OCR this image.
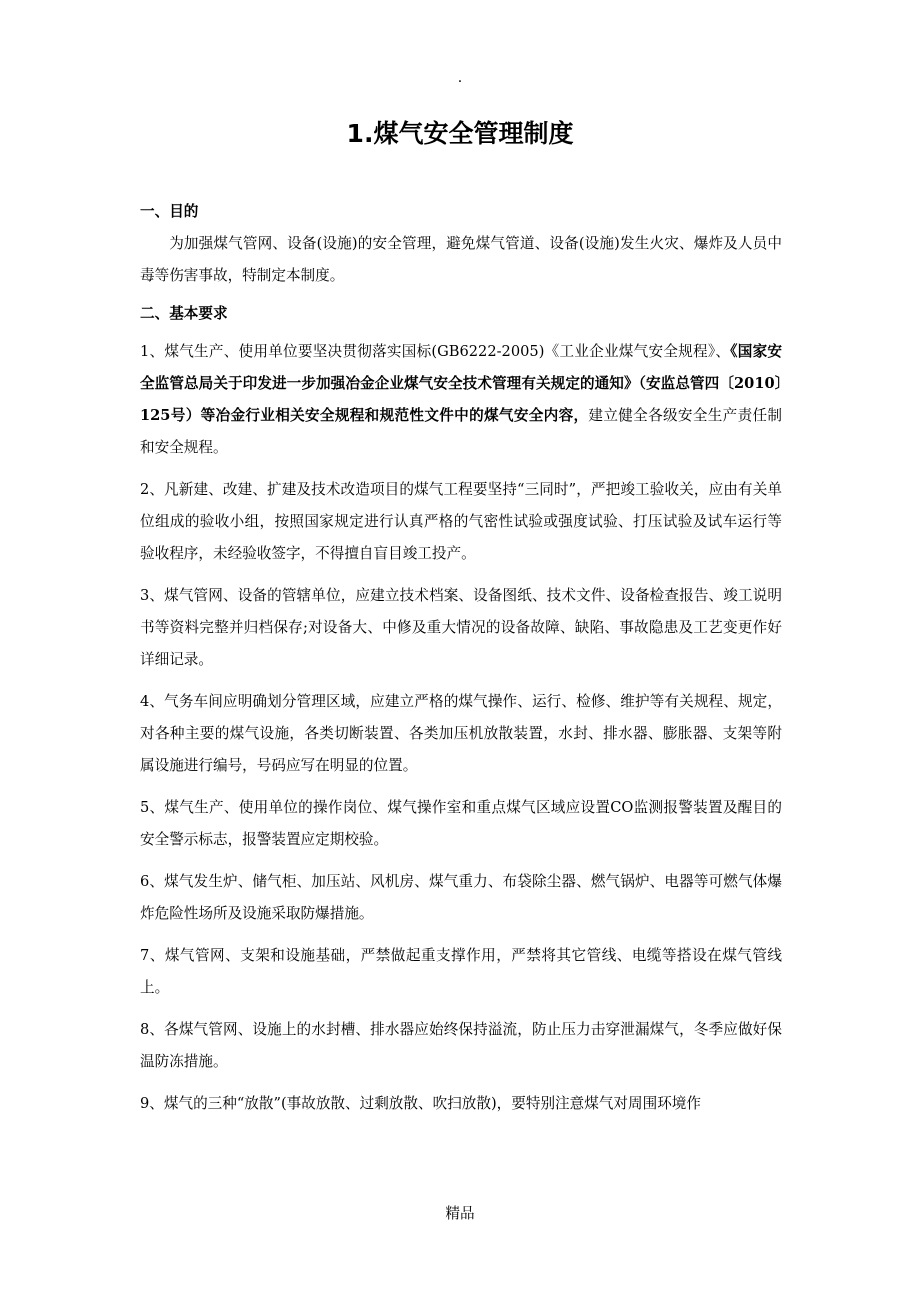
.
1.煤气安全管理制度

一、目的

为加强煤气管网、设备(设施)的安全管理，避免煤气管道、设备(设施)发生火灾、爆炸及人员中毒等伤害事故，特制定本制度。

二、基本要求

1、煤气生产、使用单位要坚决贯彻落实国标(GB6222-2005)《工业企业煤气安全规程》、《国家安全监管总局关于印发进一步加强冶金企业煤气安全技术管理有关规定的通知》（安监总管四〔2010〕125号）等冶金行业相关安全规程和规范性文件中的煤气安全内容，建立健全各级安全生产责任制和安全规程。

2、凡新建、改建、扩建及技术改造项目的煤气工程要坚持“三同时”，严把竣工验收关，应由有关单位组成的验收小组，按照国家规定进行认真严格的气密性试验或强度试验、打压试验及试车运行等验收程序，未经验收签字，不得擅自盲目竣工投产。

3、煤气管网、设备的管辖单位，应建立技术档案、设备图纸、技术文件、设备检查报告、竣工说明书等资料完整并归档保存;对设备大、中修及重大情况的设备故障、缺陷、事故隐患及工艺变更作好详细记录。

4、气务车间应明确划分管理区域，应建立严格的煤气操作、运行、检修、维护等有关规程、规定，对各种主要的煤气设施，各类切断装置、各类加压机放散装置，水封、排水器、膨胀器、支架等附属设施进行编号，号码应写在明显的位置。

5、煤气生产、使用单位的操作岗位、煤气操作室和重点煤气区域应设置CO监测报警装置及醒目的安全警示标志，报警装置应定期校验。

6、煤气发生炉、储气柜、加压站、风机房、煤气重力、布袋除尘器、燃气锅炉、电器等可燃气体爆炸危险性场所及设施采取防爆措施。

7、煤气管网、支架和设施基础，严禁做起重支撑作用，严禁将其它管线、电缆等搭设在煤气管线上。

8、各煤气管网、设施上的水封槽、排水器应始终保持溢流，防止压力击穿泄漏煤气，冬季应做好保温防冻措施。

9、煤气的三种“放散”(事故放散、过剩放散、吹扫放散)，要特别注意煤气对周围环境作

精品
